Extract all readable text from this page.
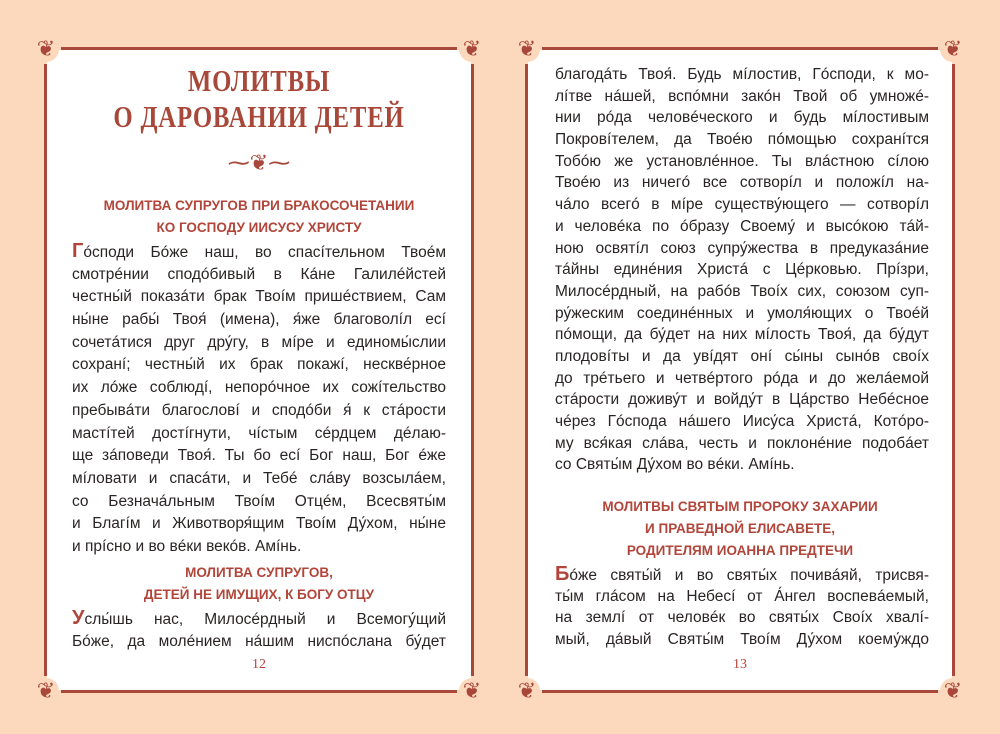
МОЛИТВЫ
О ДАРОВАНИИ ДЕТЕЙ
⁓❦⁓
МОЛИТВА СУПРУГОВ ПРИ БРАКОСОЧЕТАНИИ
КО ГОСПОДУ ИИСУСУ ХРИСТУ
Гóсподи Бóже наш, во спасíтельном Твоéм
смотрéнии сподóбивый в Кáне Галилéйстей
честны́й показáти брак Твоíм пришéствием, Сам
ны́не рабы́ Твоя́ (имена), я́же благоволíл есí
сочетáтися друг дру́гу, в мíре и единомы́слии
сохранí; честны́й их брак покажí, нескве́рное
их лóже соблюдí, непорóчное их сожíтельство
пребывáти благословí и сподóби я́ к стáрости
мастíтей достíгнути, чíстым сéрдцем дéлаю-
ще зáповеди Твоя́. Ты бо есí Бог наш, Бог éже
мíловати и спасáти, и Тебé слáву возсылáем,
со Безначáльным Твоíм Отцéм, Всесвяты́м
и Благíм и Животворя́щим Твоíм Ду́хом, ны́не
и прíсно и во вéки векóв. Амíнь.
МОЛИТВА СУПРУГОВ,
ДЕТЕЙ НЕ ИМУЩИХ, К БОГУ ОТЦУ
Услы́шь нас, Милосéрдный и Всемогу́щий
Бóже, да молéнием нáшим ниспóслана бу́дет
12
❦	❦
❦	❦
благодáть Твоя́. Будь мíлостив, Гóсподи, к мо-
лíтве нáшей, вспóмни закóн Твой об умножé-
нии рóда человéческого и будь мíлостивым
Покровíтелем, да Твоéю пóмощью сохранíтся
Тобóю же установлéнное. Ты влáстною сíлою
Твоéю из ничегó все сотворíл и положíл на-
чáло всегó в мíре существу́ющего — сотворíл
и человéка по óбразу Своему́ и высóкою тáй-
ною освятíл союз супру́жества в предуказáние
тáйны единéния Христá с Цéрковью. Прíзри,
Милосéрдный, на рабóв Твоíх сих, союзом суп-
ру́жеским соединéнных и умоля́ющих о Твоéй
пóмощи, да бу́дет на них мíлость Твоя́, да бу́дут
плодовíты и да увíдят онí сы́ны сынóв своíх
до трéтьего и четвéртого рóда и до желáемой
стáрости доживу́т и войду́т в Цáрство Небéсное
чéрез Гóспода нáшего Иису́са Христá, Котóро-
му вся́кая слáва, честь и поклонéние подобáет
со Святы́м Ду́хом во вéки. Амíнь.
МОЛИТВЫ СВЯТЫМ ПРОРОКУ ЗАХАРИИ
И ПРАВЕДНОЙ ЕЛИСАВЕТЕ,
РОДИТЕЛЯМ ИОАННА ПРЕДТЕЧИ
Бóже святы́й и во святы́х почивáяй, трисвя-
ты́м глáсом на Небесí от А́нгел воспевáемый,
на землí от человéк во святы́х Своíх хвалí-
мый, дáвый Святы́м Твоíм Ду́хом коему́ждо
13
❦	❦
❦	❦
